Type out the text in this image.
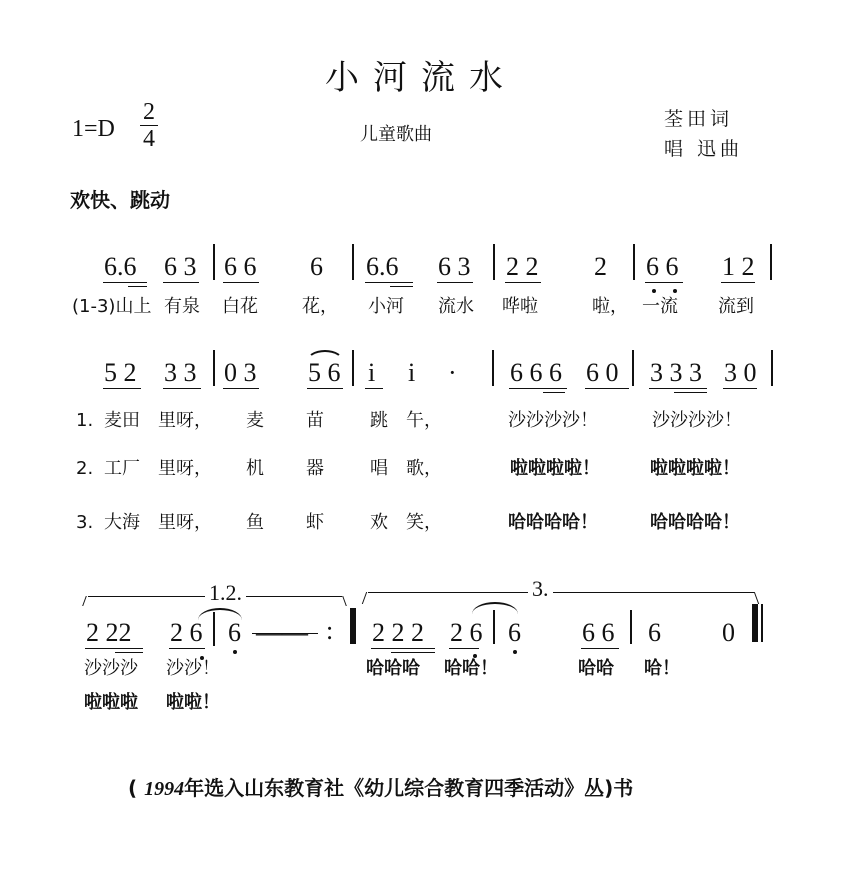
小河流水
1=D
2
4	儿童歌曲
荃田词
唱 迅曲
欢快、跳动
6.6 6 3 6 6 6 6.6 6 3 2 2 2 6 6 1 2
(1-3)山上 有泉 白花 花， 小河 流水 哗啦	啦， 一流 流到
5 2 3 3 0 3 5 6 i i · 6 6 6 6 0 3 3 3 3 0
1. 麦田 里呀， 麦 苗	跳 午，	沙沙沙沙！	沙沙沙沙！
2. 工厂 里呀， 机 器	唱 歌，	啦啦啦啦！	啦啦啦啦！
3. 大海 里呀， 鱼 虾	欢 笑，	哈哈哈哈！	哈哈哈哈！
1.2.
2 22 2 6 6 —— :
3.
2 2 2 2 6 6 6 6 6 0
沙沙沙 沙沙！
啦啦啦 啦啦！
哈哈哈 哈哈！	哈哈 哈！
( 1994年选入山东教育社《幼儿综合教育四季活动》丛)书
